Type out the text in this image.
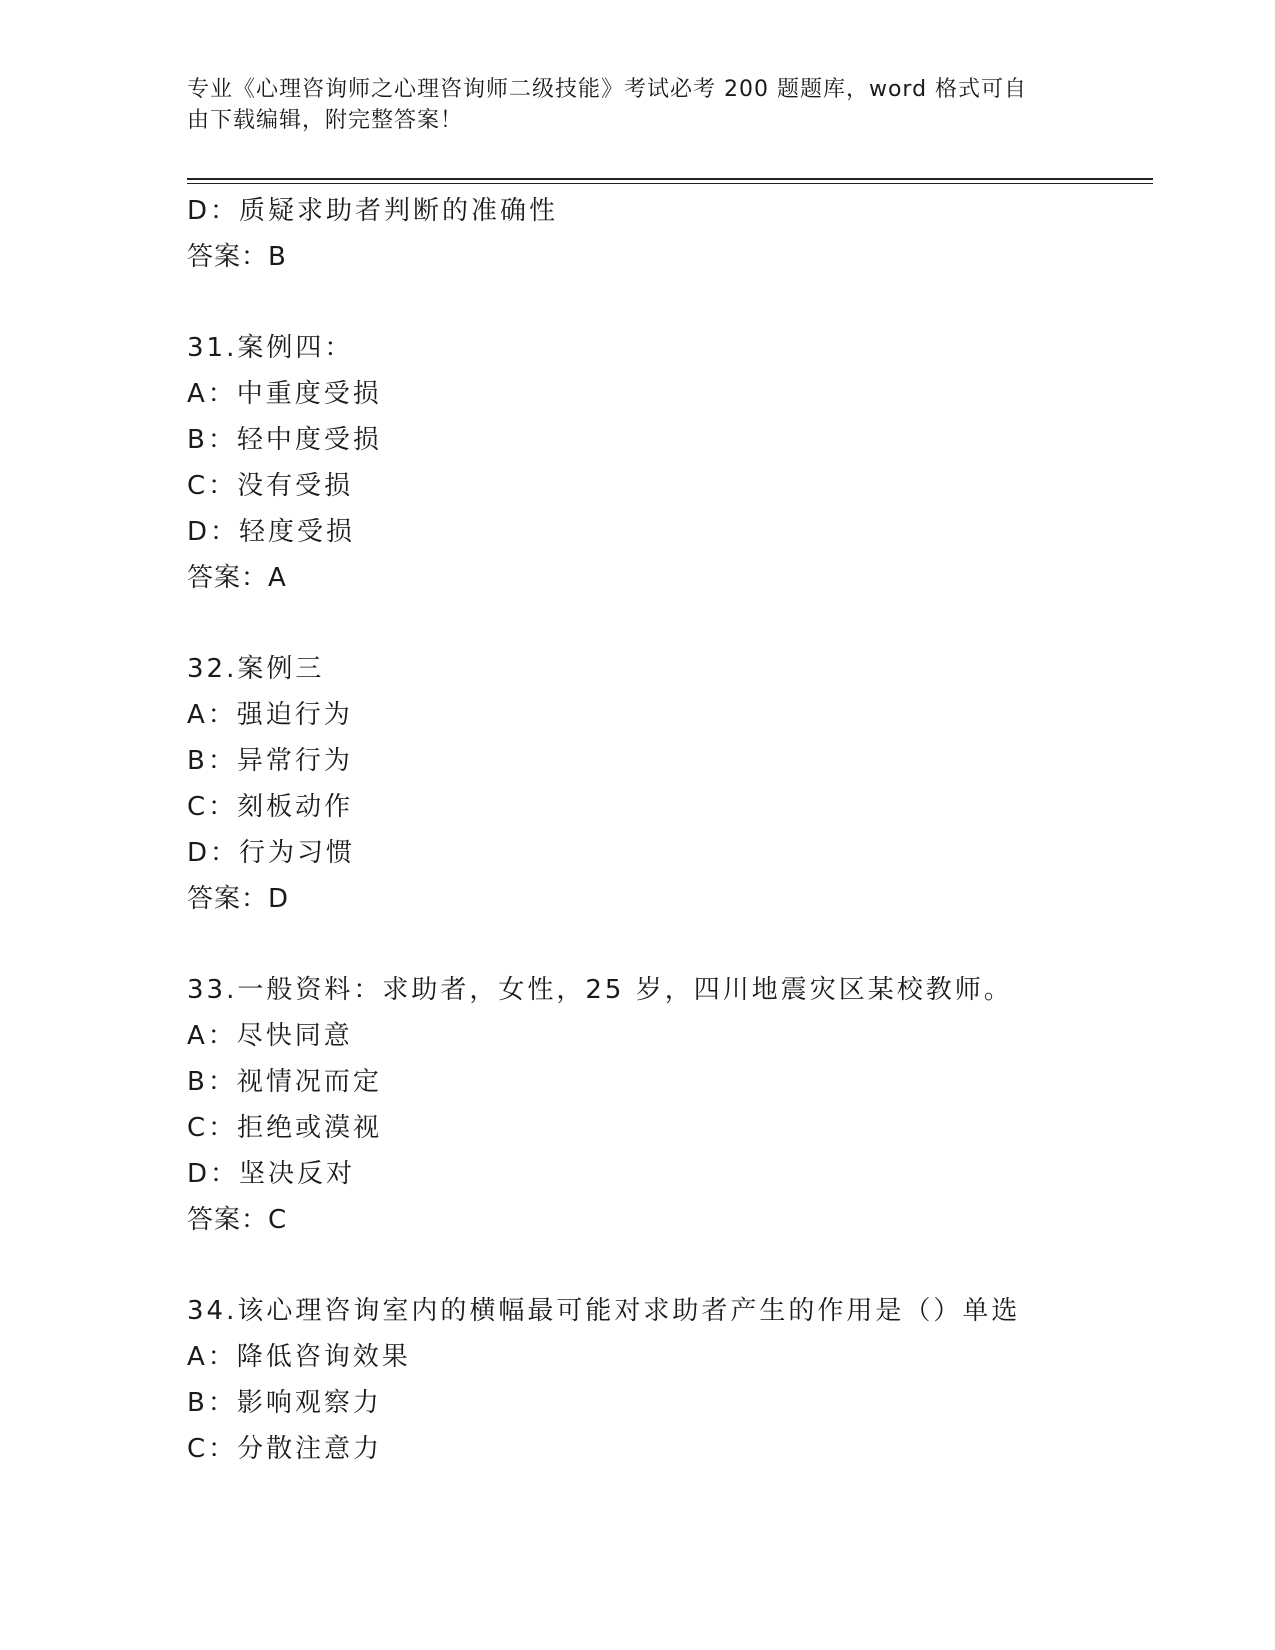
专业《心理咨询师之心理咨询师二级技能》考试必考 200 题题库，word 格式可自
由下载编辑，附完整答案！
D：质疑求助者判断的准确性
答案：B
31.案例四：
A：中重度受损
B：轻中度受损
C：没有受损
D：轻度受损
答案：A
32.案例三
A：强迫行为
B：异常行为
C：刻板动作
D：行为习惯
答案：D
33.一般资料：求助者，女性，25 岁，四川地震灾区某校教师。
A：尽快同意
B：视情况而定
C：拒绝或漠视
D：坚决反对
答案：C
34.该心理咨询室内的横幅最可能对求助者产生的作用是（）单选
A：降低咨询效果
B：影响观察力
C：分散注意力
